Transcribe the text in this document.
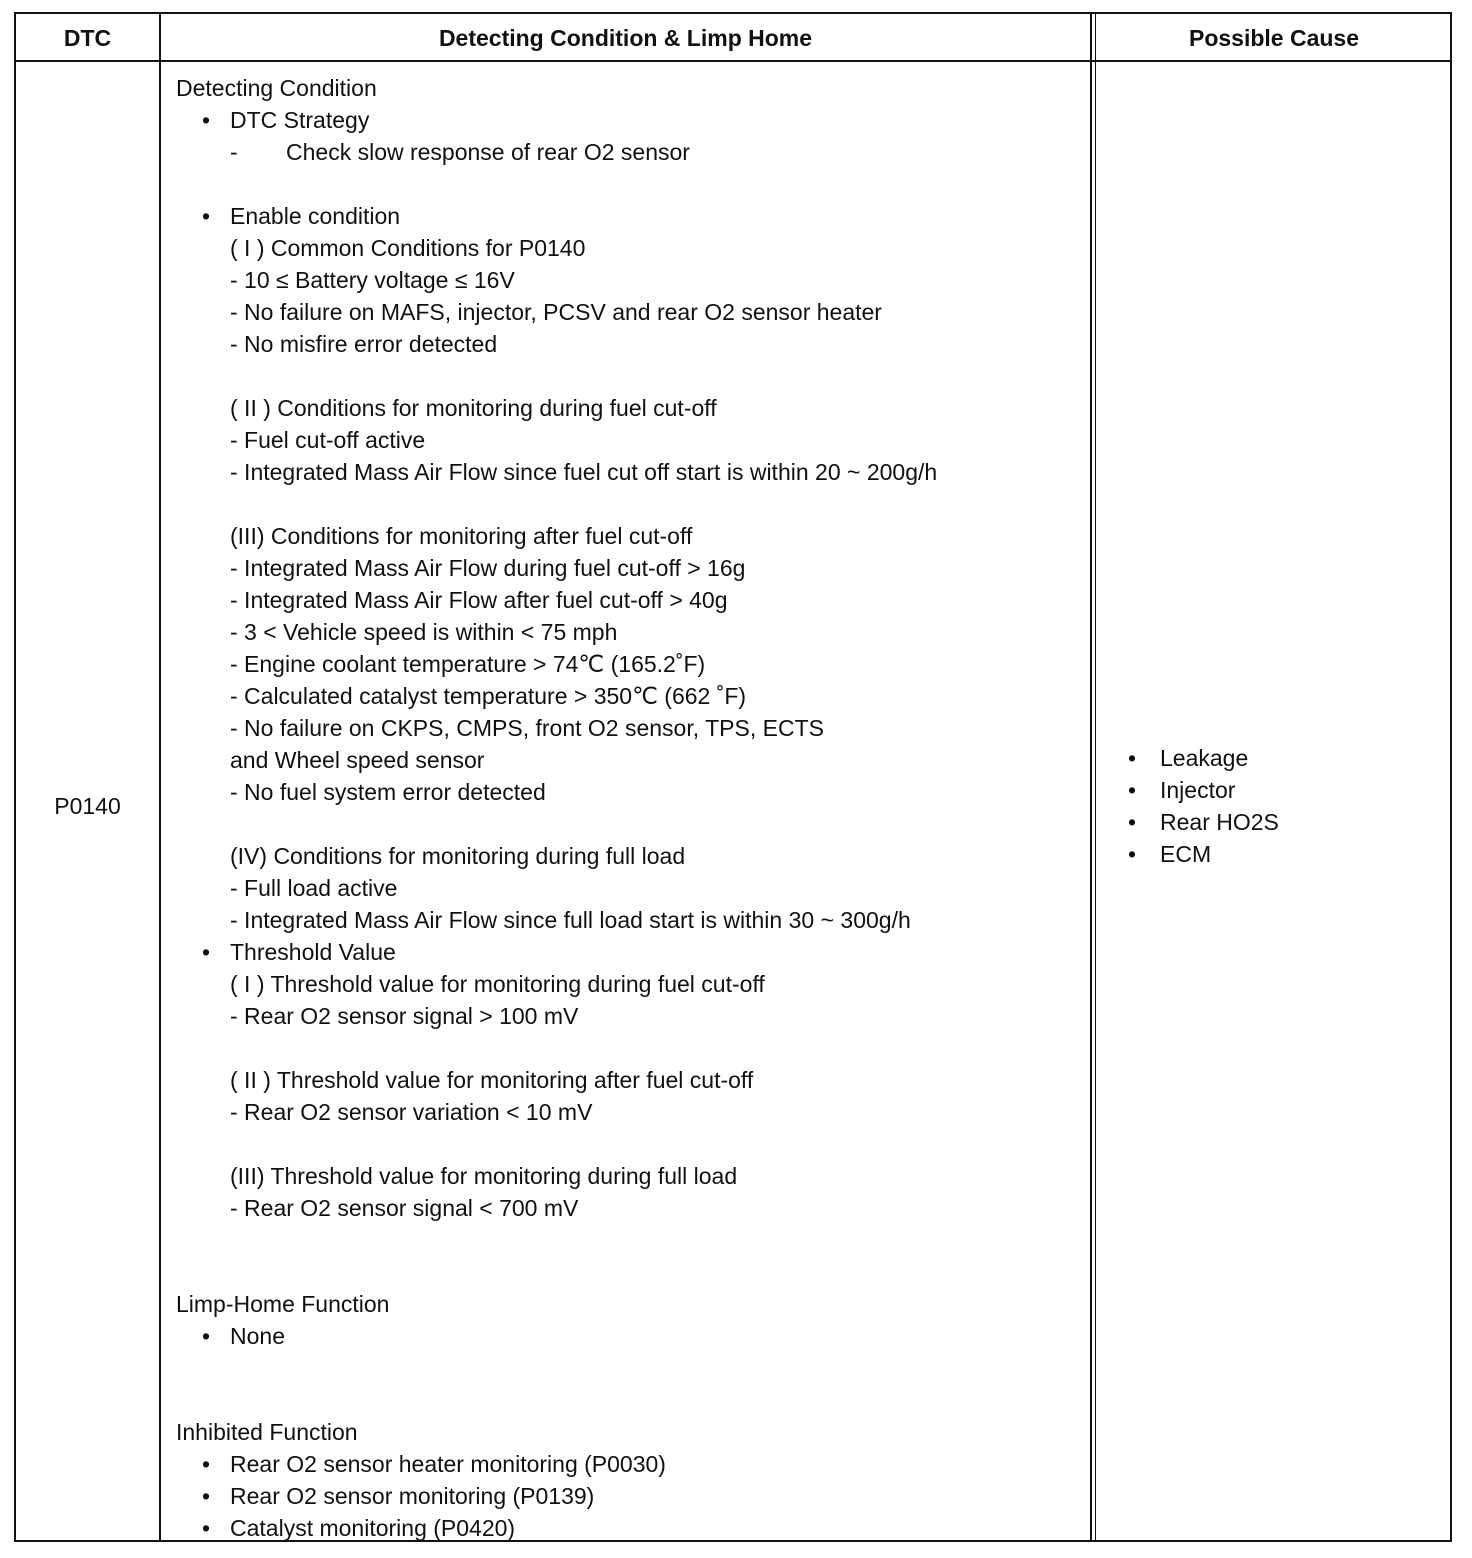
DTC	Detecting Condition & Limp Home	Possible Cause
P0140
Detecting Condition
• DTC Strategy
- Check slow response of rear O2 sensor
• Enable condition
( I ) Common Conditions for P0140
- 10 ≤ Battery voltage ≤ 16V
- No failure on MAFS, injector, PCSV and rear O2 sensor heater
- No misfire error detected
( II ) Conditions for monitoring during fuel cut-off
- Fuel cut-off active
- Integrated Mass Air Flow since fuel cut off start is within 20 ~ 200g/h
(III) Conditions for monitoring after fuel cut-off
- Integrated Mass Air Flow during fuel cut-off > 16g
- Integrated Mass Air Flow after fuel cut-off > 40g
- 3 < Vehicle speed is within < 75 mph
- Engine coolant temperature > 74℃ (165.2˚F)
- Calculated catalyst temperature > 350℃ (662 ˚F)
- No failure on CKPS, CMPS, front O2 sensor, TPS, ECTS
and Wheel speed sensor
- No fuel system error detected
(IV) Conditions for monitoring during full load
- Full load active
- Integrated Mass Air Flow since full load start is within 30 ~ 300g/h
• Threshold Value
( I ) Threshold value for monitoring during fuel cut-off
- Rear O2 sensor signal > 100 mV
( II ) Threshold value for monitoring after fuel cut-off
- Rear O2 sensor variation < 10 mV
(III) Threshold value for monitoring during full load
- Rear O2 sensor signal < 700 mV
Limp-Home Function
• None
Inhibited Function
• Rear O2 sensor heater monitoring (P0030)
• Rear O2 sensor monitoring (P0139)
• Catalyst monitoring (P0420)
• Leakage
• Injector
• Rear HO2S
• ECM
